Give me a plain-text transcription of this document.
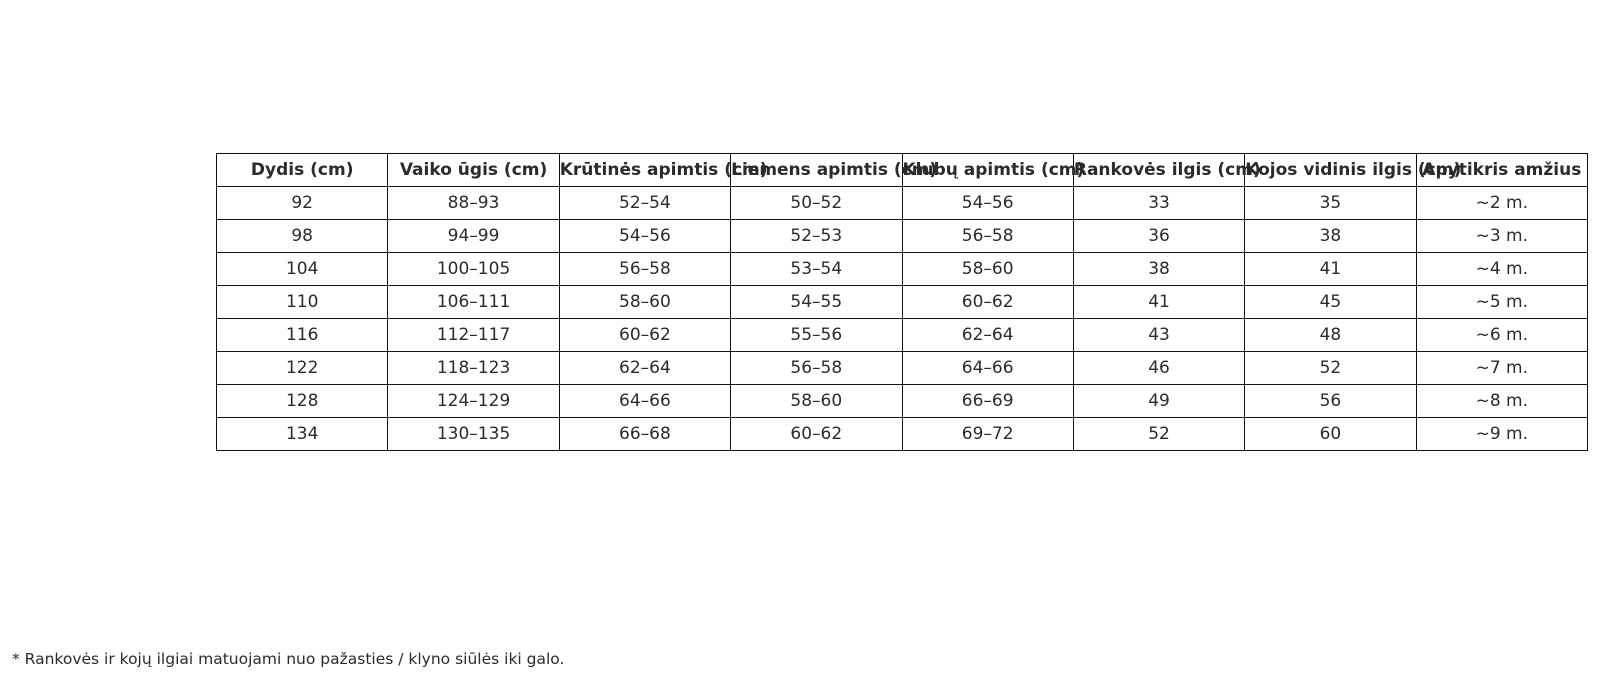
Dydis (cm)	Vaiko ūgis (cm)	Krūtinės apimtis (cm)	Liemens apimtis (cm)	Klubų apimtis (cm)	Rankovės ilgis (cm)	Kojos vidinis ilgis (cm)	Apytikris amžius
92	88–93	52–54	50–52	54–56	33	35	~2 m.
98	94–99	54–56	52–53	56–58	36	38	~3 m.
104	100–105	56–58	53–54	58–60	38	41	~4 m.
110	106–111	58–60	54–55	60–62	41	45	~5 m.
116	112–117	60–62	55–56	62–64	43	48	~6 m.
122	118–123	62–64	56–58	64–66	46	52	~7 m.
128	124–129	64–66	58–60	66–69	49	56	~8 m.
134	130–135	66–68	60–62	69–72	52	60	~9 m.
* Rankovės ir kojų ilgiai matuojami nuo pažasties / klyno siūlės iki galo.
